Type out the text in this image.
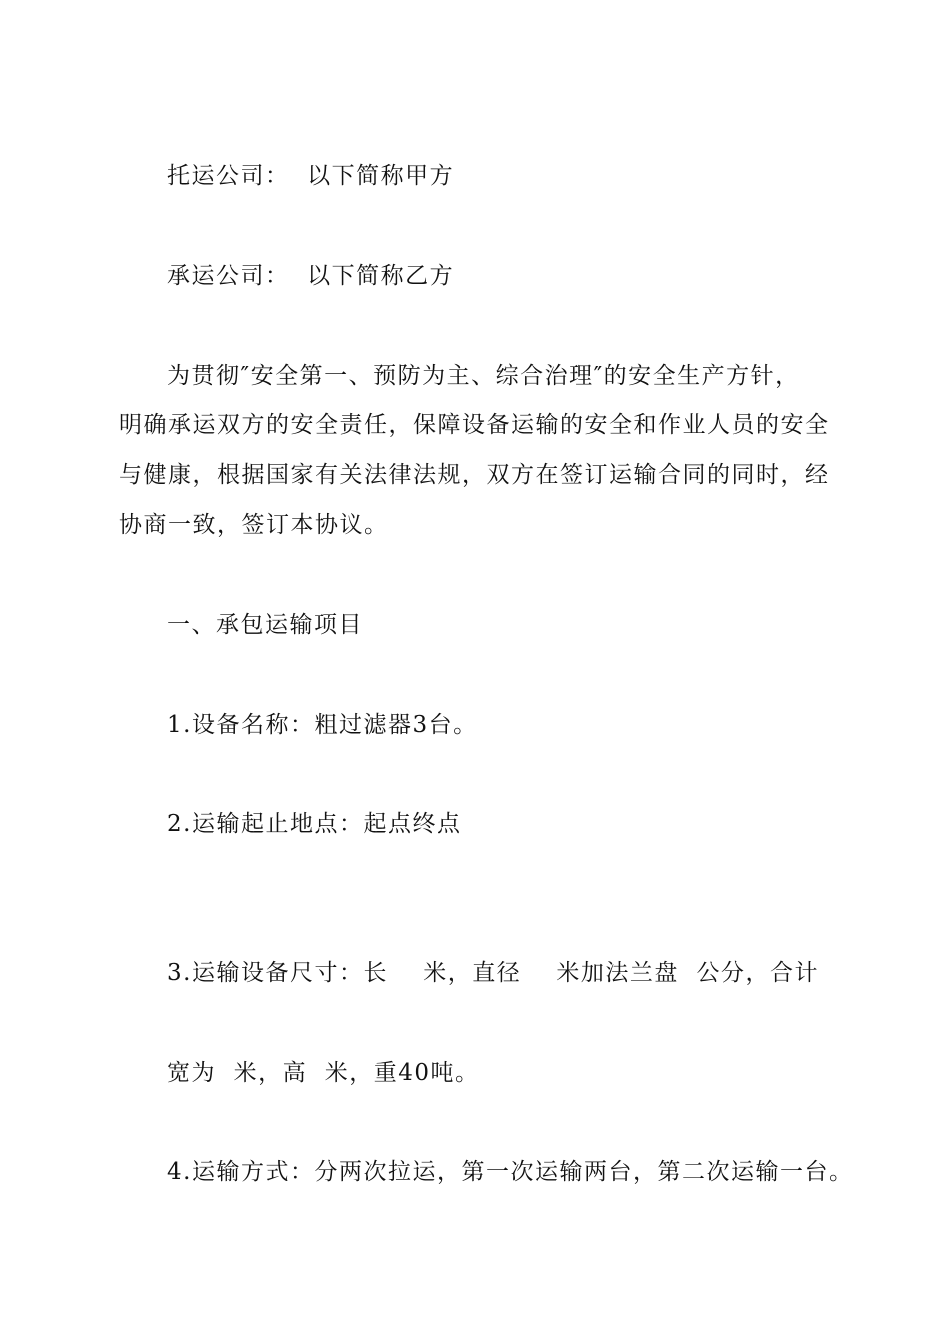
托运公司：  以下简称甲方
承运公司：  以下简称乙方
为贯彻″安全第一、预防为主、综合治理″的安全生产方针，
明确承运双方的安全责任，保障设备运输的安全和作业人员的安全
与健康，根据国家有关法律法规，双方在签订运输合同的同时，经
协商一致，签订本协议。
一、承包运输项目
1.设备名称：粗过滤器3台。
2.运输起止地点：起点终点
3.运输设备尺寸：长    米，直径    米加法兰盘  公分，合计
宽为  米，高  米，重40吨。
4.运输方式：分两次拉运，第一次运输两台，第二次运输一台。
